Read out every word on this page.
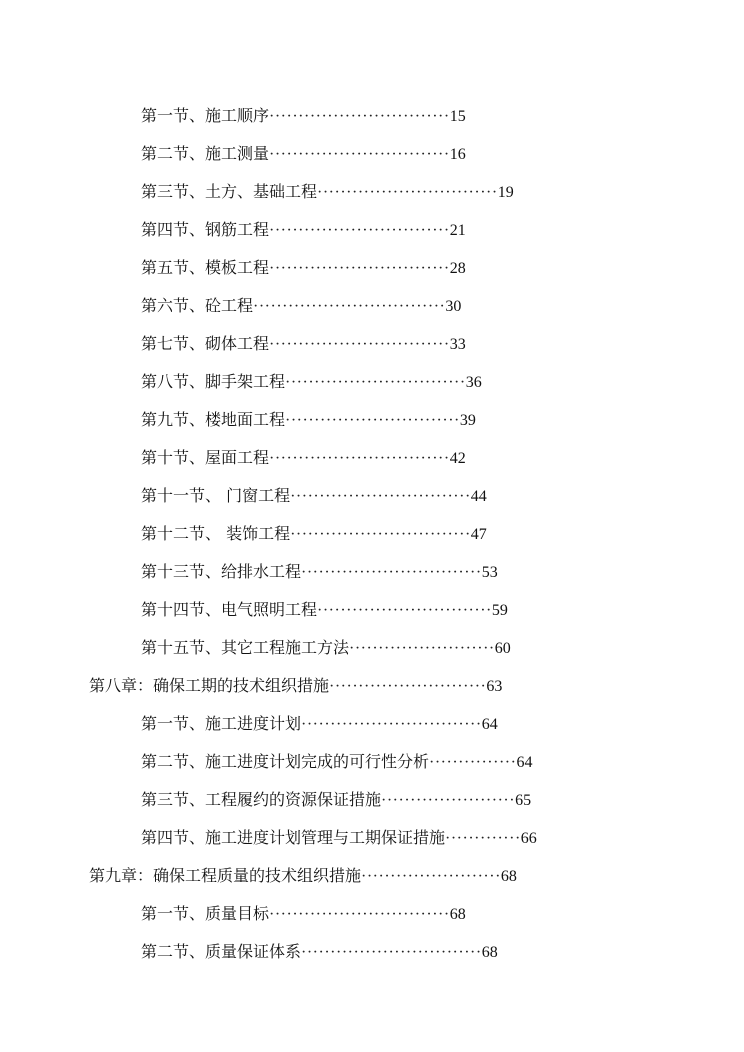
第一节、施工顺序·······························15
第二节、施工测量·······························16
第三节、土方、基础工程·······························19
第四节、钢筋工程·······························21
第五节、模板工程·······························28
第六节、砼工程·································30
第七节、砌体工程·······························33
第八节、脚手架工程·······························36
第九节、楼地面工程······························39
第十节、屋面工程·······························42
第十一节、 门窗工程·······························44
第十二节、 装饰工程·······························47
第十三节、给排水工程·······························53
第十四节、电气照明工程······························59
第十五节、其它工程施工方法·························60
第八章：确保工期的技术组织措施···························63
第一节、施工进度计划·······························64
第二节、施工进度计划完成的可行性分析···············64
第三节、工程履约的资源保证措施·······················65
第四节、施工进度计划管理与工期保证措施·············66
第九章：确保工程质量的技术组织措施························68
第一节、质量目标·······························68
第二节、质量保证体系·······························68
